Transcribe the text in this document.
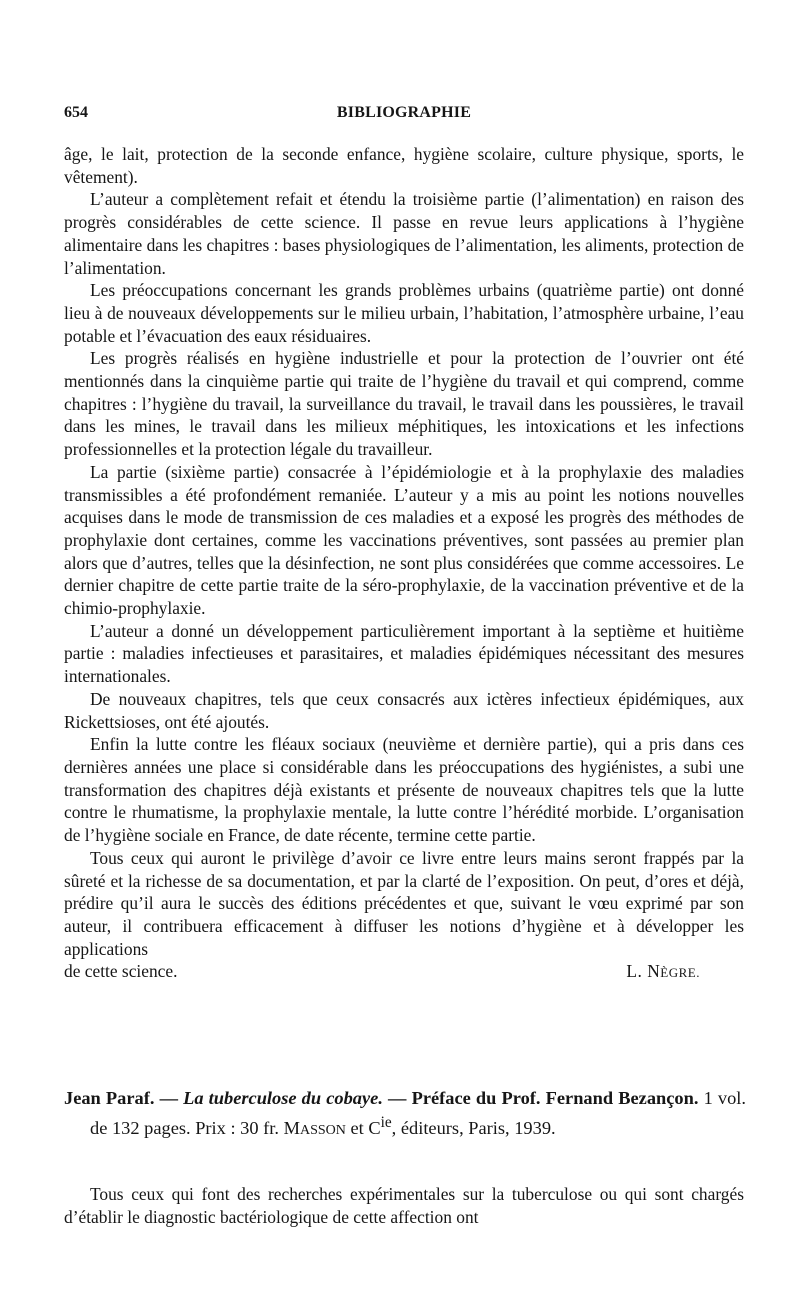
654	BIBLIOGRAPHIE

âge, le lait, protection de la seconde enfance, hygiène scolaire, culture physique, sports, le vêtement).

L’auteur a complètement refait et étendu la troisième partie (l’alimentation) en raison des progrès considérables de cette science. Il passe en revue leurs applications à l’hygiène alimentaire dans les chapitres : bases physiologiques de l’alimentation, les aliments, protection de l’alimentation.

Les préoccupations concernant les grands problèmes urbains (quatrième partie) ont donné lieu à de nouveaux développements sur le milieu urbain, l’habitation, l’atmosphère urbaine, l’eau potable et l’évacuation des eaux résiduaires.

Les progrès réalisés en hygiène industrielle et pour la protection de l’ouvrier ont été mentionnés dans la cinquième partie qui traite de l’hygiène du travail et qui comprend, comme chapitres : l’hygiène du travail, la surveillance du travail, le travail dans les poussières, le travail dans les mines, le travail dans les milieux méphitiques, les intoxications et les infections professionnelles et la protection légale du travailleur.

La partie (sixième partie) consacrée à l’épidémiologie et à la prophylaxie des maladies transmissibles a été profondément remaniée. L’auteur y a mis au point les notions nouvelles acquises dans le mode de transmission de ces maladies et a exposé les progrès des méthodes de prophylaxie dont certaines, comme les vaccinations préventives, sont passées au premier plan alors que d’autres, telles que la désinfection, ne sont plus considérées que comme accessoires. Le dernier chapitre de cette partie traite de la séro-prophylaxie, de la vaccination préventive et de la chimio-prophylaxie.

L’auteur a donné un développement particulièrement important à la septième et huitième partie : maladies infectieuses et parasitaires, et maladies épidémiques nécessitant des mesures internationales.

De nouveaux chapitres, tels que ceux consacrés aux ictères infectieux épidémiques, aux Rickettsioses, ont été ajoutés.

Enfin la lutte contre les fléaux sociaux (neuvième et dernière partie), qui a pris dans ces dernières années une place si considérable dans les préoccupations des hygiénistes, a subi une transformation des chapitres déjà existants et présente de nouveaux chapitres tels que la lutte contre le rhumatisme, la prophylaxie mentale, la lutte contre l’hérédité morbide. L’organisation de l’hygiène sociale en France, de date récente, termine cette partie.

Tous ceux qui auront le privilège d’avoir ce livre entre leurs mains seront frappés par la sûreté et la richesse de sa documentation, et par la clarté de l’exposition. On peut, d’ores et déjà, prédire qu’il aura le succès des éditions précédentes et que, suivant le vœu exprimé par son auteur, il contribuera efficacement à diffuser les notions d’hygiène et à développer les applications

de cette science.	L. NÈGRE.

Jean Paraf. — La tuberculose du cobaye. — Préface du Prof. Fernand Bezançon. 1 vol. de 132 pages. Prix : 30 fr. MASSON et $C^{ie}$, éditeurs, Paris, 1939.

Tous ceux qui font des recherches expérimentales sur la tuberculose ou qui sont chargés d’établir le diagnostic bactériologique de cette affection ont
